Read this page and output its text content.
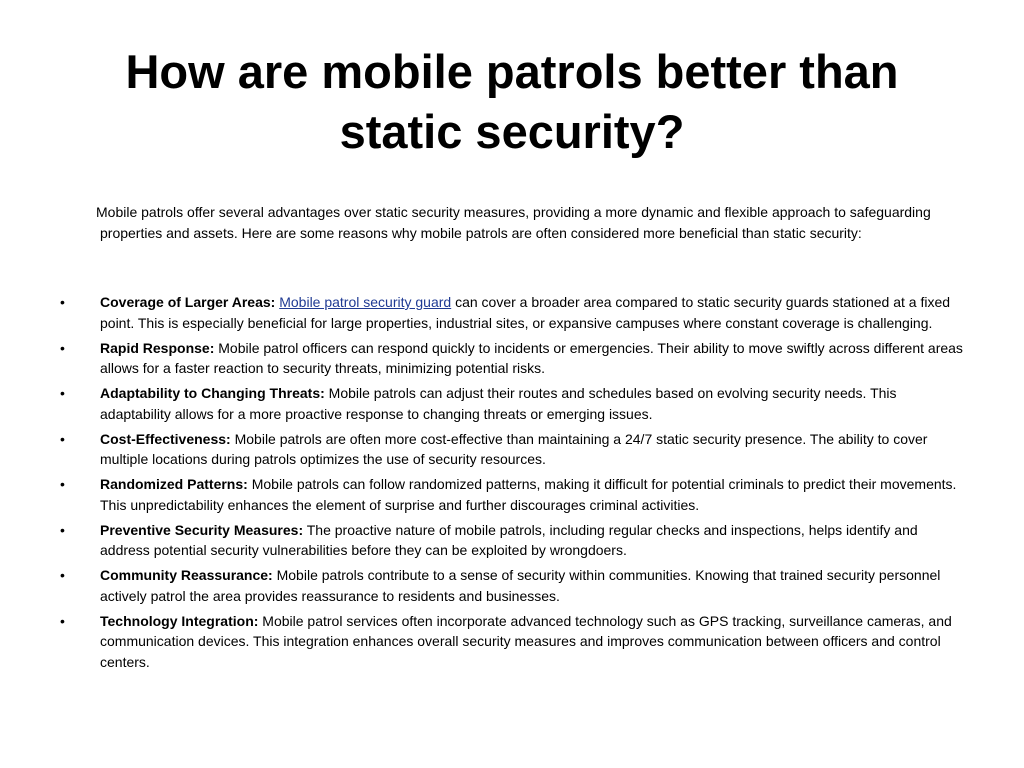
How are mobile patrols better than static security?

Mobile patrols offer several advantages over static security measures, providing a more dynamic and flexible approach to safeguarding properties and assets. Here are some reasons why mobile patrols are often considered more beneficial than static security:

•	Coverage of Larger Areas: Mobile patrol security guard can cover a broader area compared to static security guards stationed at a fixed point. This is especially beneficial for large properties, industrial sites, or expansive campuses where constant coverage is challenging.
•	Rapid Response: Mobile patrol officers can respond quickly to incidents or emergencies. Their ability to move swiftly across different areas allows for a faster reaction to security threats, minimizing potential risks.
•	Adaptability to Changing Threats: Mobile patrols can adjust their routes and schedules based on evolving security needs. This adaptability allows for a more proactive response to changing threats or emerging issues.
•	Cost-Effectiveness: Mobile patrols are often more cost-effective than maintaining a 24/7 static security presence. The ability to cover multiple locations during patrols optimizes the use of security resources.
•	Randomized Patterns: Mobile patrols can follow randomized patterns, making it difficult for potential criminals to predict their movements. This unpredictability enhances the element of surprise and further discourages criminal activities.
•	Preventive Security Measures: The proactive nature of mobile patrols, including regular checks and inspections, helps identify and address potential security vulnerabilities before they can be exploited by wrongdoers.
•	Community Reassurance: Mobile patrols contribute to a sense of security within communities. Knowing that trained security personnel actively patrol the area provides reassurance to residents and businesses.
•	Technology Integration: Mobile patrol services often incorporate advanced technology such as GPS tracking, surveillance cameras, and communication devices. This integration enhances overall security measures and improves communication between officers and control centers.
